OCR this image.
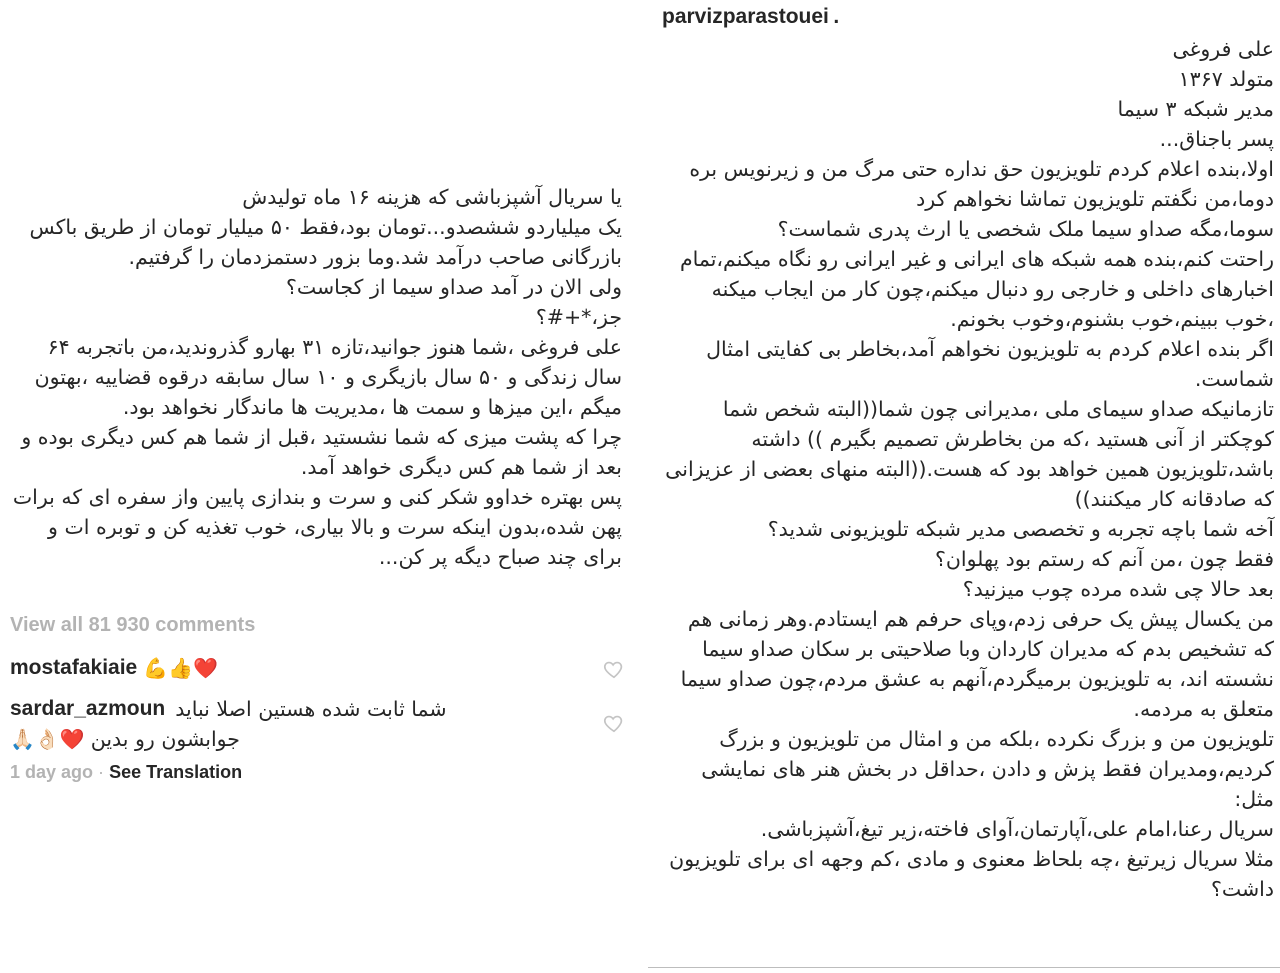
یا سریال آشپزباشی که هزینه ۱۶ ماه تولیدش

یک میلیاردو ششصدو...تومان بود،فقط ۵۰ میلیار تومان از طریق باکس بازرگانی صاحب درآمد شد.وما بزور دستمزدمان را گرفتیم.

ولی الان در آمد صداو سیما از کجاست؟

جز،*+#؟

علی فروغی ،شما هنوز جوانید،تازه ۳۱ بهارو گذروندید،من باتجربه ۶۴ سال زندگی و ۵۰ سال بازیگری و ۱۰ سال سابقه درقوه قضاییه ،بهتون میگم ،این میزها و سمت ها ،مدیریت ها ماندگار نخواهد بود.

چرا که پشت میزی که شما نشستید ،قبل از شما هم کس دیگری بوده و بعد از شما هم کس دیگری خواهد آمد.

پس بهتره خداوو شکر کنی و سرت و بندازی پایین واز سفره ای که برات پهن شده،بدون اینکه سرت و بالا بیاری، خوب تغذیه کن و توبره ات و برای چند صباح دیگه پر کن...

View all 81 930 comments
mostafakiaie 💪👍❤️
sardar_azmoun شما ثابت شده هستین اصلا نباید
🙏🏻👌🏻❤️ جوابشون رو بدین
1 day ago · See Translation
parvizparastouei .

علی فروغی

متولد ۱۳۶۷

مدیر شبکه ۳ سیما

پسر باجناق...

اولا،بنده اعلام کردم تلویزیون حق نداره حتی مرگ من و زیرنویس بره

دوما،من نگفتم تلویزیون تماشا نخواهم کرد

سوما،مگه صداو سیما ملک شخصی یا ارث پدری شماست؟

راحتت کنم،بنده همه شبکه های ایرانی و غیر ایرانی رو نگاه میکنم،تمام اخبارهای داخلی و خارجی رو دنبال میکنم،چون کار من ایجاب میکنه ،خوب ببینم،خوب بشنوم،وخوب بخونم.

اگر بنده اعلام کردم به تلویزیون نخواهم آمد،بخاطر بی کفایتی امثال شماست.

تازمانیکه صداو سیمای ملی ،مدیرانی چون شما((البته شخص شما کوچکتر از آنی هستید ،که من بخاطرش تصمیم بگیرم )) داشته باشد،تلویزیون همین خواهد بود که هست.((البته منهای بعضی از عزیزانی که صادقانه کار میکنند))

آخه شما باچه تجربه و تخصصی مدیر شبکه تلویزیونی شدید؟

فقط چون ،من آنم که رستم بود پهلوان؟

بعد حالا چی شده مرده چوب میزنید؟

من یکسال پیش یک حرفی زدم،وپای حرفم هم ایستادم.وهر زمانی هم که تشخیص بدم که مدیران کاردان وبا صلاحیتی بر سکان صداو سیما نشسته اند، به تلویزیون برمیگردم،آنهم به عشق مردم،چون صداو سیما متعلق به مردمه.

تلویزیون من و بزرگ نکرده ،بلکه من و امثال من تلویزیون و بزرگ کردیم،ومدیران فقط پزش و دادن ،حداقل در بخش هنر های نمایشی

مثل:

سریال رعنا،امام علی،آپارتمان،آوای فاخته،زیر تیغ،آشپزباشی.

مثلا سریال زیرتیغ ،چه بلحاظ معنوی و مادی ،کم وجهه ای برای تلویزیون داشت؟
